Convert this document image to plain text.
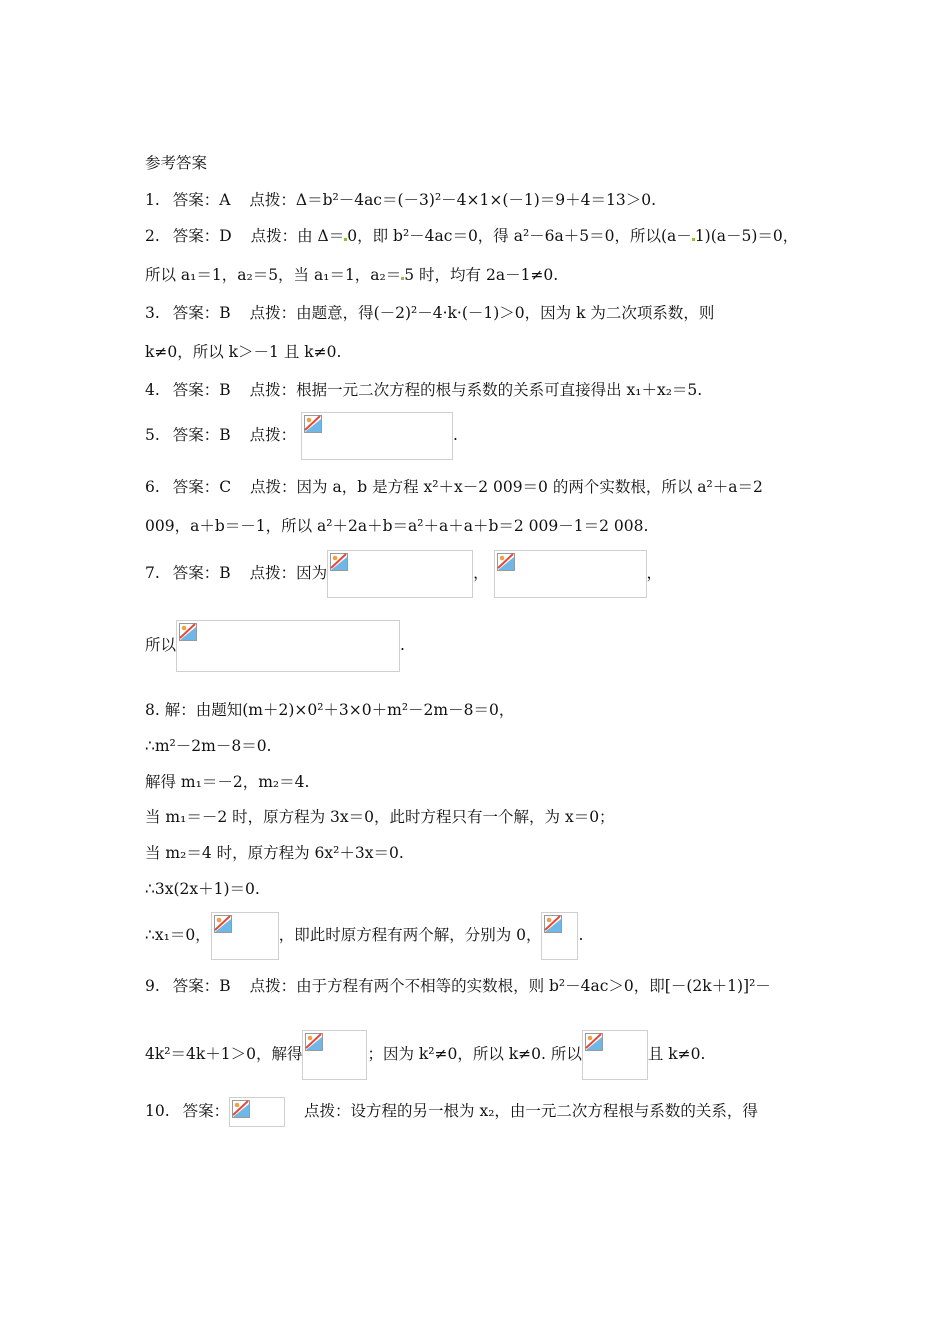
参考答案
1. 答案：A 点拨：Δ＝b²－4ac＝(－3)²－4×1×(－1)＝9＋4＝13＞0.
2. 答案：D 点拨：由 Δ＝ 0，即 b²－4ac＝0，得 a²－6a＋5＝0，所以(a－ 1)(a－5)＝0，
所以 a₁＝1，a₂＝5，当 a₁＝1，a₂＝ 5 时，均有 2a－1≠0.
3. 答案：B 点拨：由题意，得(－2)²－4·k·(－1)＞0，因为 k 为二次项系数，则
k≠0，所以 k＞－1 且 k≠0.
4. 答案：B 点拨：根据一元二次方程的根与系数的关系可直接得出 x₁＋x₂＝5.
5. 答案：B 点拨：	.
6. 答案：C 点拨：因为 a，b 是方程 x²＋x－2 009＝0 的两个实数根，所以 a²＋a＝2
009，a＋b＝－1，所以 a²＋2a＋b＝a²＋a＋a＋b＝2 009－1＝2 008.
7. 答案：B 点拨：因为	，	，
所以	.
8. 解：由题知(m＋2)×0²＋3×0＋m²－2m－8＝0，
∴m²－2m－8＝0.
解得 m₁＝－2，m₂＝4.
当 m₁＝－2 时，原方程为 3x＝0，此时方程只有一个解，为 x＝0；
当 m₂＝4 时，原方程为 6x²＋3x＝0.
∴3x(2x＋1)＝0.
∴x₁＝0，	，即此时原方程有两个解，分别为 0， .
9. 答案：B 点拨：由于方程有两个不相等的实数根，则 b²－4ac＞0，即[－(2k＋1)]²－
4k²＝4k＋1＞0，解得	；因为 k²≠0，所以 k≠0. 所以	且 k≠0.
10. 答案：	点拨：设方程的另一根为 x₂，由一元二次方程根与系数的关系，得
